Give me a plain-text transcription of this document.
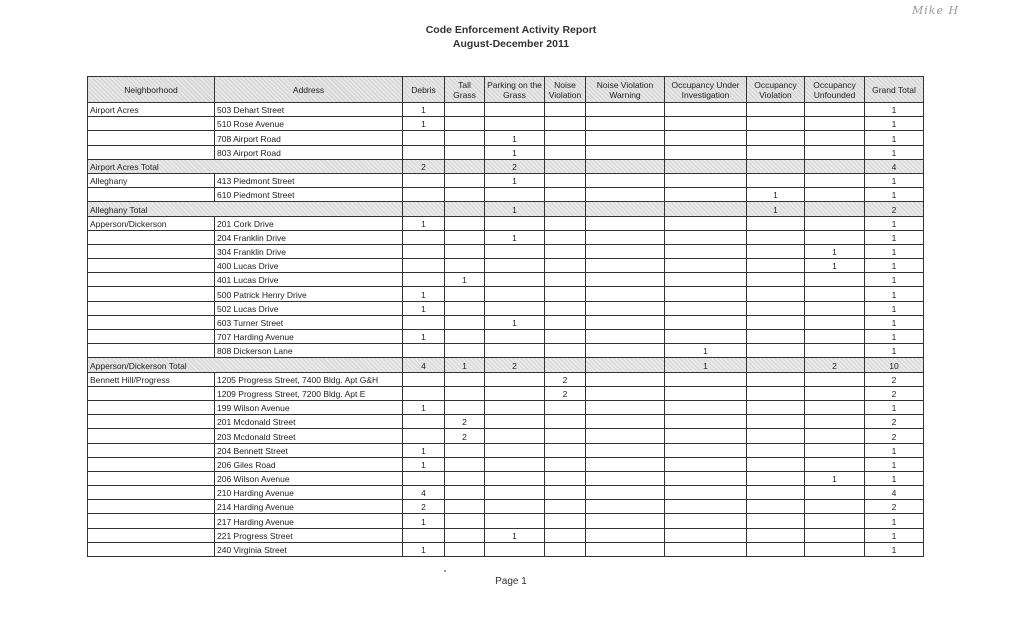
Mike H
Code Enforcement Activity Report
August-December 2011
Neighborhood	Address	Debris	Tall Grass	Parking on the Grass	Noise Violation	Noise Violation Warning	Occupancy Under Investigation	Occupancy Violation	Occupancy Unfounded	Grand Total
Airport Acres	503 Dehart Street	1								1
	510 Rose Avenue	1								1
	708 Airport Road			1						1
	803 Airport Road			1						1
Airport Acres Total		2		2						4
Alleghany	413 Piedmont Street			1						1
	610 Piedmont Street							1		1
Alleghany Total				1				1		2
Apperson/Dickerson	201 Cork Drive	1								1
	204 Franklin Drive			1						1
	304 Franklin Drive								1	1
	400 Lucas Drive								1	1
	401 Lucas Drive		1							1
	500 Patrick Henry Drive	1								1
	502 Lucas Drive	1								1
	603 Turner Street			1						1
	707 Harding Avenue	1								1
	808 Dickerson Lane						1			1
Apperson/Dickerson Total		4	1	2			1		2	10
Bennett Hill/Progress	1205 Progress Street, 7400 Bldg. Apt G&H				2					2
	1209 Progress Street, 7200 Bldg. Apt E				2					2
	199 Wilson Avenue	1								1
	201 Mcdonald Street		2							2
	203 Mcdonald Street		2							2
	204 Bennett Street	1								1
	206 Giles Road	1								1
	206 Wilson Avenue								1	1
	210 Harding Avenue	4								4
	214 Harding Avenue	2								2
	217 Harding Avenue	1								1
	221 Progress Street			1						1
	240 Virginia Street	1								1
Page 1
